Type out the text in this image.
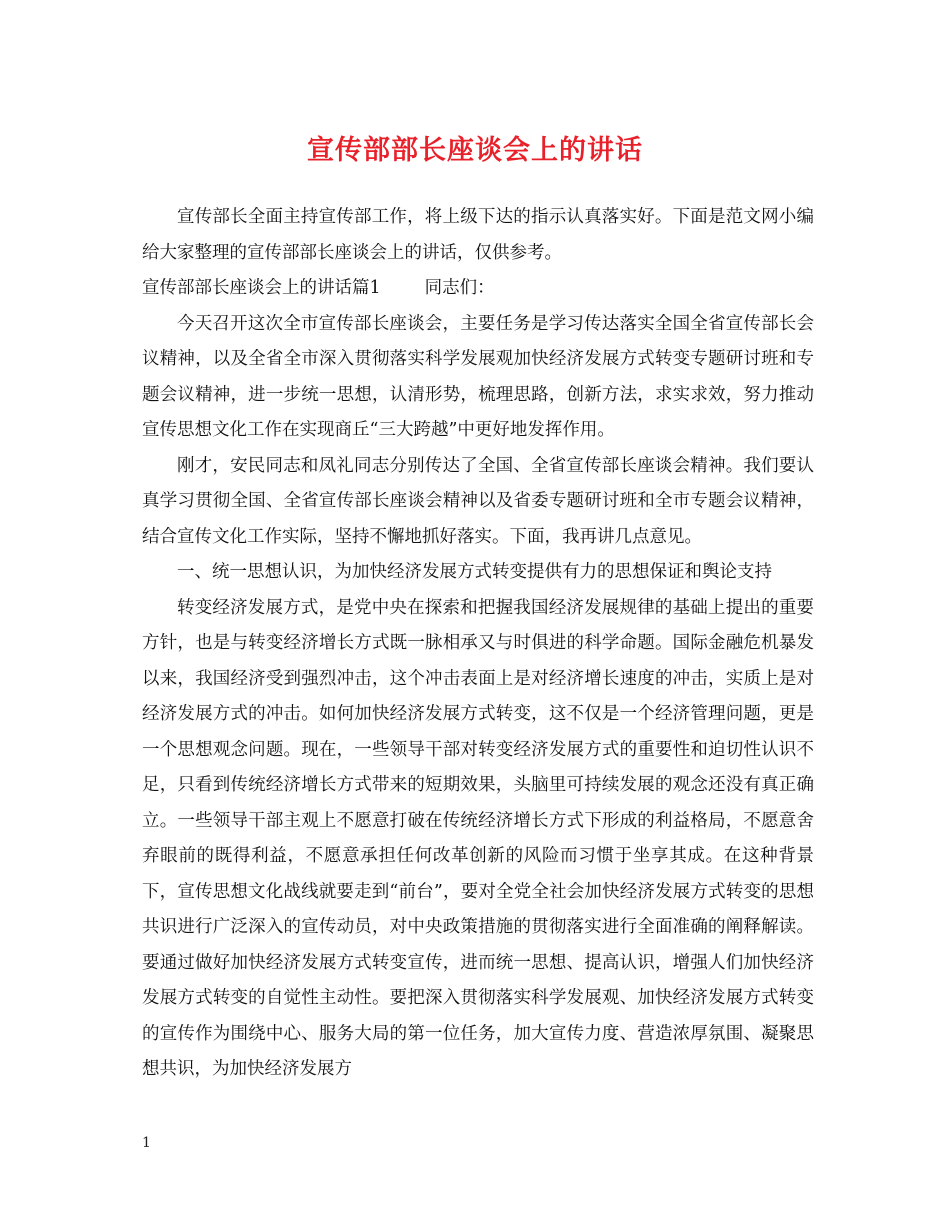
宣传部部长座谈会上的讲话

宣传部长全面主持宣传部工作，将上级下达的指示认真落实好。下面是范文网小编给大家整理的宣传部部长座谈会上的讲话，仅供参考。

宣传部部长座谈会上的讲话篇1	同志们：

今天召开这次全市宣传部长座谈会，主要任务是学习传达落实全国全省宣传部长会议精神，以及全省全市深入贯彻落实科学发展观加快经济发展方式转变专题研讨班和专题会议精神，进一步统一思想，认清形势，梳理思路，创新方法，求实求效，努力推动宣传思想文化工作在实现商丘“三大跨越”中更好地发挥作用。

刚才，安民同志和凤礼同志分别传达了全国、全省宣传部长座谈会精神。我们要认真学习贯彻全国、全省宣传部长座谈会精神以及省委专题研讨班和全市专题会议精神，结合宣传文化工作实际，坚持不懈地抓好落实。下面，我再讲几点意见。

一、统一思想认识，为加快经济发展方式转变提供有力的思想保证和舆论支持

转变经济发展方式，是党中央在探索和把握我国经济发展规律的基础上提出的重要方针，也是与转变经济增长方式既一脉相承又与时俱进的科学命题。国际金融危机暴发以来，我国经济受到强烈冲击，这个冲击表面上是对经济增长速度的冲击，实质上是对经济发展方式的冲击。如何加快经济发展方式转变，这不仅是一个经济管理问题，更是一个思想观念问题。现在，一些领导干部对转变经济发展方式的重要性和迫切性认识不足，只看到传统经济增长方式带来的短期效果，头脑里可持续发展的观念还没有真正确立。一些领导干部主观上不愿意打破在传统经济增长方式下形成的利益格局，不愿意舍弃眼前的既得利益，不愿意承担任何改革创新的风险而习惯于坐享其成。在这种背景下，宣传思想文化战线就要走到“前台”，要对全党全社会加快经济发展方式转变的思想共识进行广泛深入的宣传动员，对中央政策措施的贯彻落实进行全面准确的阐释解读。要通过做好加快经济发展方式转变宣传，进而统一思想、提高认识，增强人们加快经济发展方式转变的自觉性主动性。要把深入贯彻落实科学发展观、加快经济发展方式转变的宣传作为围绕中心、服务大局的第一位任务，加大宣传力度、营造浓厚氛围、凝聚思想共识，为加快经济发展方

1
